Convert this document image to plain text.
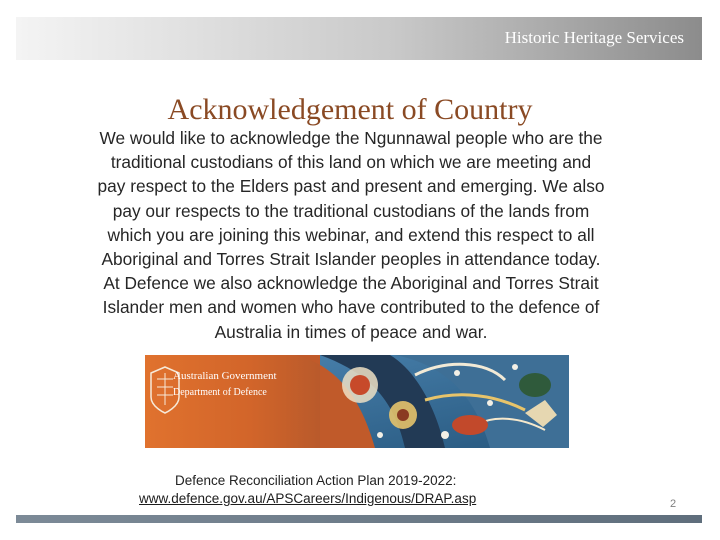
Historic Heritage Services
Acknowledgement of Country

We would like to acknowledge the Ngunnawal people who are the
traditional custodians of this land on which we are meeting and
pay respect to the Elders past and present and emerging. We also
pay our respects to the traditional custodians of the lands from
which you are joining this webinar, and extend this respect to all
Aboriginal and Torres Strait Islander peoples in attendance today.
At Defence we also acknowledge the Aboriginal and Torres Strait
Islander men and women who have contributed to the defence of
Australia in times of peace and war.

Australian Government
Department of Defence
Defence Reconciliation Action Plan 2019-2022:
www.defence.gov.au/APSCareers/Indigenous/DRAP.asp	2
